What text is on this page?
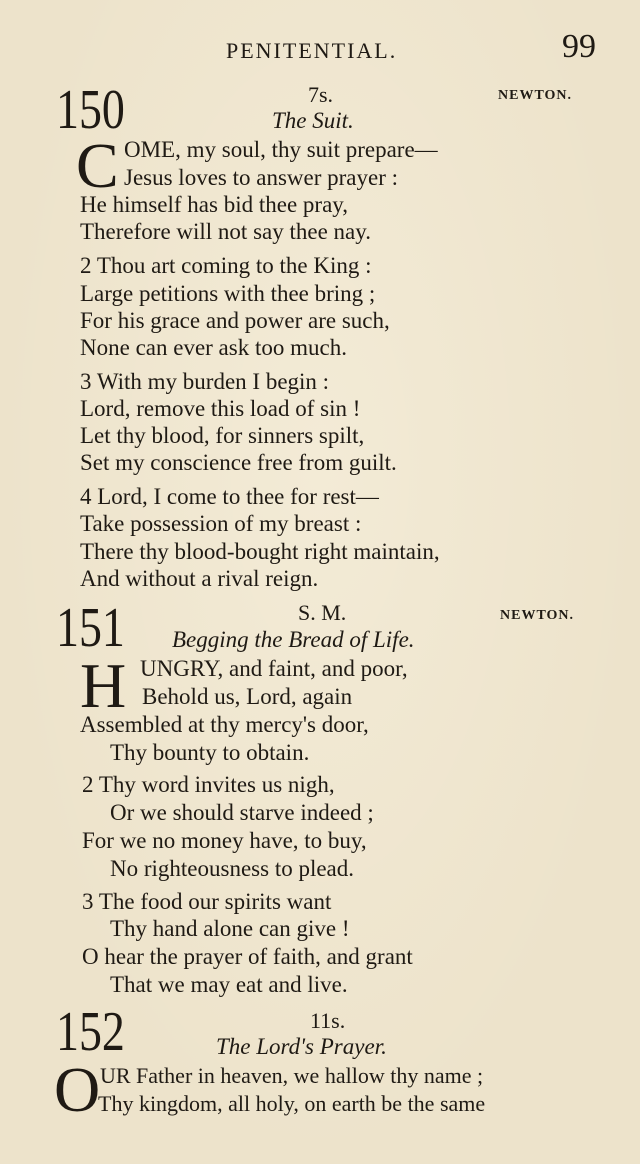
PENITENTIAL.	99
150	7s.	NEWTON.
The Suit.
C OME, my soul, thy suit prepare—
Jesus loves to answer prayer :
He himself has bid thee pray,
Therefore will not say thee nay.
2 Thou art coming to the King :
Large petitions with thee bring ;
For his grace and power are such,
None can ever ask too much.
3 With my burden I begin :
Lord, remove this load of sin !
Let thy blood, for sinners spilt,
Set my conscience free from guilt.
4 Lord, I come to thee for rest—
Take possession of my breast :
There thy blood-bought right maintain,
And without a rival reign.
151	S. M.	NEWTON.
Begging the Bread of Life.
H UNGRY, and faint, and poor,
Behold us, Lord, again
Assembled at thy mercy's door,
Thy bounty to obtain.
2 Thy word invites us nigh,
Or we should starve indeed ;
For we no money have, to buy,
No righteousness to plead.
3 The food our spirits want
Thy hand alone can give !
O hear the prayer of faith, and grant
That we may eat and live.
152	11s.
The Lord's Prayer.
O UR Father in heaven, we hallow thy name ;
Thy kingdom, all holy, on earth be the same
